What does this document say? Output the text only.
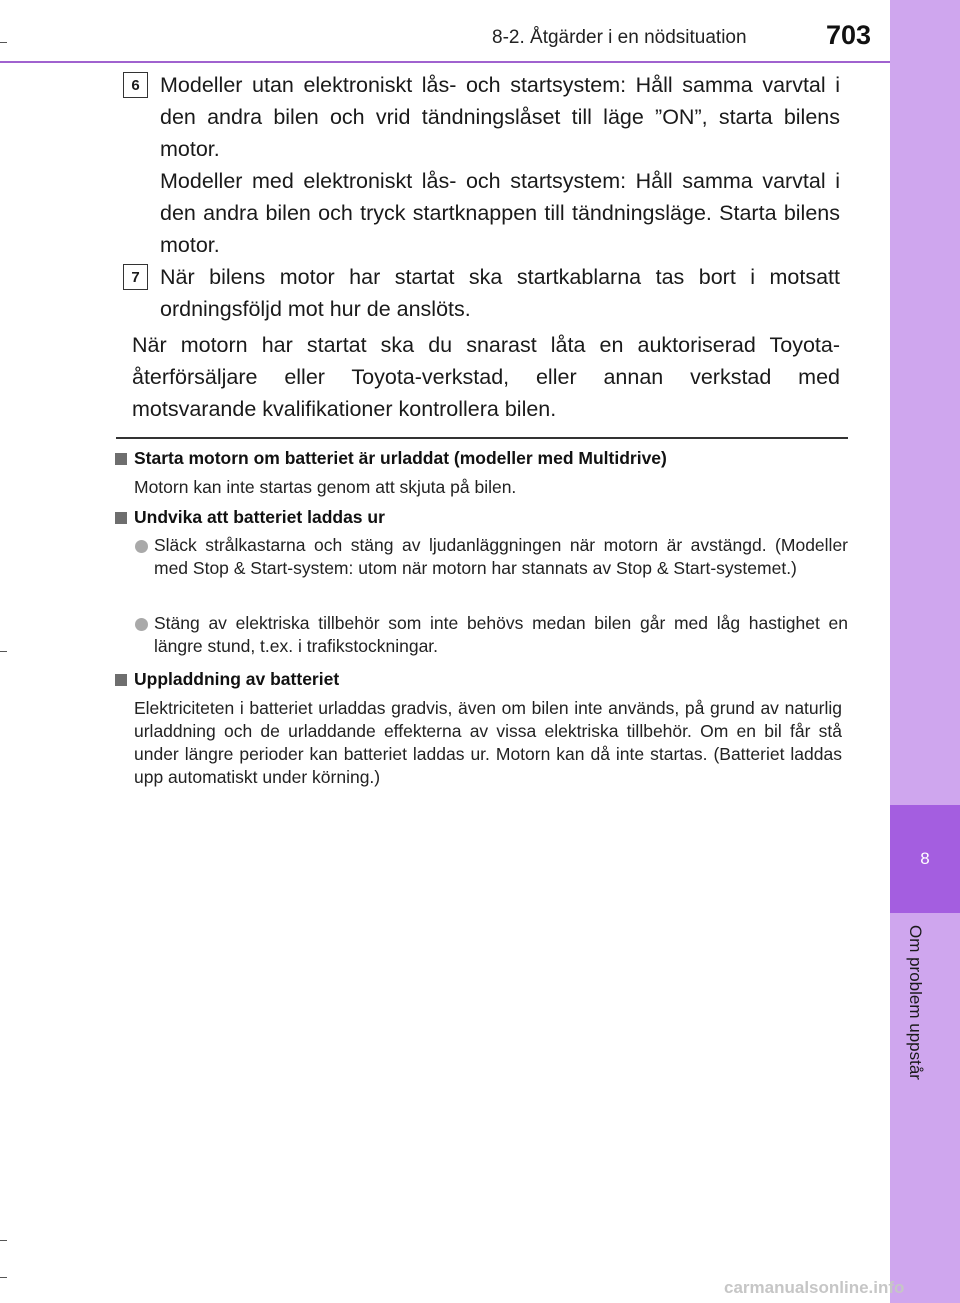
8-2. Åtgärder i en nödsituation	703
8
Om problem uppstår
6 Modeller utan elektroniskt lås- och startsystem: Håll samma varvtal i den andra bilen och vrid tändningslåset till läge ”ON”, starta bilens motor.

Modeller med elektroniskt lås- och startsystem: Håll samma varvtal i den andra bilen och tryck startknappen till tändningsläge. Starta bilens motor.

7 När bilens motor har startat ska startkablarna tas bort i motsatt ordningsföljd mot hur de anslöts.

När motorn har startat ska du snarast låta en auktoriserad Toyota-återförsäljare eller Toyota-verkstad, eller annan verkstad med motsvarande kvalifikationer kontrollera bilen.

Starta motorn om batteriet är urladdat (modeller med Multidrive)

Motorn kan inte startas genom att skjuta på bilen.

Undvika att batteriet laddas ur

Släck strålkastarna och stäng av ljudanläggningen när motorn är avstängd. (Modeller med Stop & Start-system: utom när motorn har stannats av Stop & Start-systemet.)

Stäng av elektriska tillbehör som inte behövs medan bilen går med låg hastighet en längre stund, t.ex. i trafikstockningar.

Uppladdning av batteriet

Elektriciteten i batteriet urladdas gradvis, även om bilen inte används, på grund av naturlig urladdning och de urladdande effekterna av vissa elektriska tillbehör. Om en bil får stå under längre perioder kan batteriet laddas ur. Motorn kan då inte startas. (Batteriet laddas upp automatiskt under körning.)

carmanualsonline.info
